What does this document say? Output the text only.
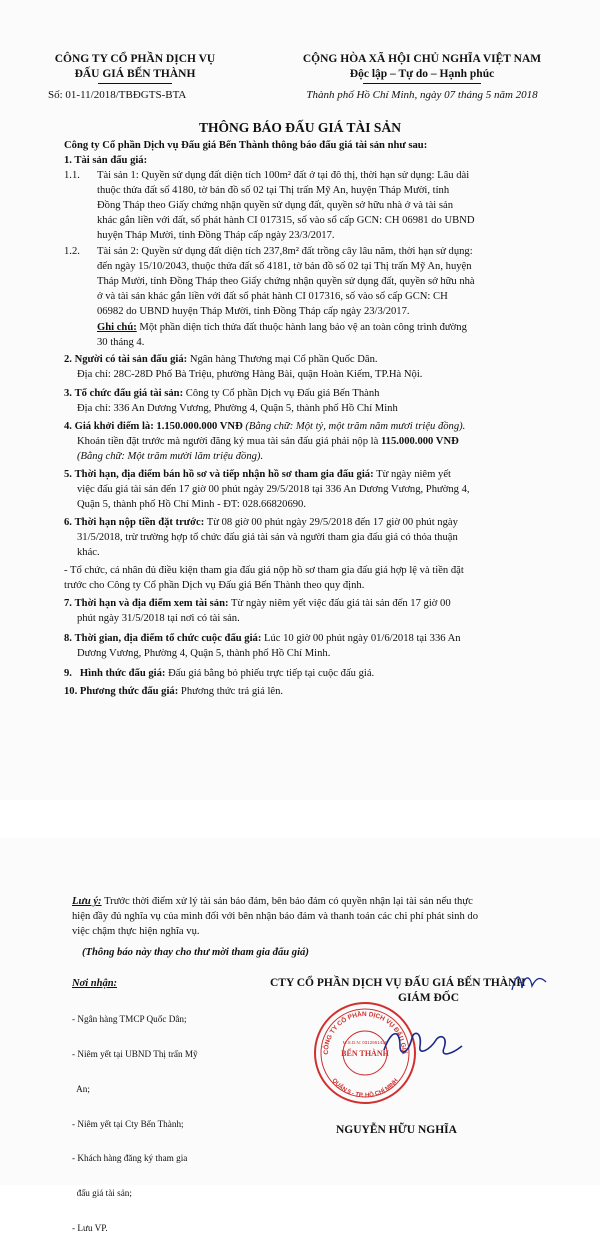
CÔNG TY CỔ PHẦN DỊCH VỤ
ĐẤU GIÁ BẾN THÀNH
Số: 01-11/2018/TBĐGTS-BTA
CỘNG HÒA XÃ HỘI CHỦ NGHĨA VIỆT NAM
Độc lập – Tự do – Hạnh phúc
Thành phố Hồ Chí Minh, ngày 07 tháng 5 năm 2018
THÔNG BÁO ĐẤU GIÁ TÀI SẢN
Công ty Cổ phần Dịch vụ Đấu giá Bến Thành thông báo đấu giá tài sản như sau:
1. Tài sản đấu giá:
1.1. Tài sản 1: Quyền sử dụng đất diện tích 100m² đất ở tại đô thị, thời hạn sử dụng: Lâu dài
thuộc thửa đất số 4180, tờ bản đồ số 02 tại Thị trấn Mỹ An, huyện Tháp Mười, tỉnh
Đồng Tháp theo Giấy chứng nhận quyền sử dụng đất, quyền sở hữu nhà ở và tài sản
khác gắn liền với đất, số phát hành CI 017315, số vào sổ cấp GCN: CH 06981 do UBND
huyện Tháp Mười, tỉnh Đồng Tháp cấp ngày 23/3/2017.
1.2. Tài sản 2: Quyền sử dụng đất diện tích 237,8m² đất trồng cây lâu năm, thời hạn sử dụng:
đến ngày 15/10/2043, thuộc thửa đất số 4181, tờ bản đồ số 02 tại Thị trấn Mỹ An, huyện
Tháp Mười, tỉnh Đồng Tháp theo Giấy chứng nhận quyền sử dụng đất, quyền sở hữu nhà
ở và tài sản khác gắn liền với đất số phát hành CI 017316, số vào sổ cấp GCN: CH
06982 do UBND huyện Tháp Mười, tỉnh Đồng Tháp cấp ngày 23/3/2017.
Ghi chú: Một phần diện tích thửa đất thuộc hành lang bảo vệ an toàn công trình đường
30 tháng 4.
2. Người có tài sản đấu giá: Ngân hàng Thương mại Cổ phần Quốc Dân.
Địa chỉ: 28C-28D Phố Bà Triệu, phường Hàng Bài, quận Hoàn Kiếm, TP.Hà Nội.
3. Tổ chức đấu giá tài sản: Công ty Cổ phần Dịch vụ Đấu giá Bến Thành
Địa chỉ: 336 An Dương Vương, Phường 4, Quận 5, thành phố Hồ Chí Minh
4. Giá khởi điểm là: 1.150.000.000 VNĐ (Bằng chữ: Một tỷ, một trăm năm mươi triệu đồng).
Khoản tiền đặt trước mà người đăng ký mua tài sản đấu giá phải nộp là 115.000.000 VNĐ
(Bằng chữ: Một trăm mười lăm triệu đồng).
5. Thời hạn, địa điểm bán hồ sơ và tiếp nhận hồ sơ tham gia đấu giá: Từ ngày niêm yết
việc đấu giá tài sản đến 17 giờ 00 phút ngày 29/5/2018 tại 336 An Dương Vương, Phường 4,
Quận 5, thành phố Hồ Chí Minh - ĐT: 028.66820690.
6. Thời hạn nộp tiền đặt trước: Từ 08 giờ 00 phút ngày 29/5/2018 đến 17 giờ 00 phút ngày
31/5/2018, trừ trường hợp tổ chức đấu giá tài sản và người tham gia đấu giá có thỏa thuận
khác.
- Tổ chức, cá nhân đủ điều kiện tham gia đấu giá nộp hồ sơ tham gia đấu giá hợp lệ và tiền đặt
trước cho Công ty Cổ phần Dịch vụ Đấu giá Bến Thành theo quy định.
7. Thời hạn và địa điểm xem tài sản: Từ ngày niêm yết việc đấu giá tài sản đến 17 giờ 00
phút ngày 31/5/2018 tại nơi có tài sản.
8. Thời gian, địa điểm tổ chức cuộc đấu giá: Lúc 10 giờ 00 phút ngày 01/6/2018 tại 336 An
Dương Vương, Phường 4, Quận 5, thành phố Hồ Chí Minh.
9. Hình thức đấu giá: Đấu giá bằng bỏ phiếu trực tiếp tại cuộc đấu giá.
10. Phương thức đấu giá: Phương thức trả giá lên.
Lưu ý: Trước thời điểm xử lý tài sản bảo đảm, bên bảo đảm có quyền nhận lại tài sản nếu thực
hiện đầy đủ nghĩa vụ của mình đối với bên nhận bảo đảm và thanh toán các chi phí phát sinh do
việc chậm thực hiện nghĩa vụ.
(Thông báo này thay cho thư mời tham gia đấu giá)
Nơi nhận:

- Ngân hàng TMCP Quốc Dân;

- Niêm yết tại UBND Thị trấn Mỹ

An;

- Niêm yết tại Cty Bến Thành;

- Khách hàng đăng ký tham gia

đấu giá tài sản;

- Lưu VP.

CTY CỔ PHẦN DỊCH VỤ ĐẤU GIÁ BẾN THÀNH
GIÁM ĐỐC
CÔNG TY CỔ PHẦN DỊCH VỤ ĐẤU GIÁ
QUẬN 5 - TP. HỒ CHÍ MINH
BẾN THÀNH
M.S.D.N: 0312651426
NGUYỄN HỮU NGHĨA
